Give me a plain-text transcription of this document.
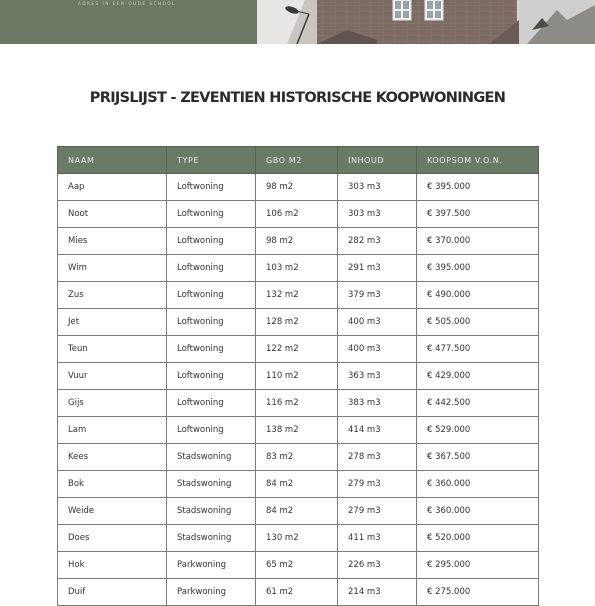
ADRES IN EEN OUDE SCHOOL
PRIJSLIJST - ZEVENTIEN HISTORISCHE KOOPWONINGEN
NAAM	TYPE	GBO M2	INHOUD	KOOPSOM V.O.N.
Aap	Loftwoning	98 m2	303 m3	€ 395.000
Noot	Loftwoning	106 m2	303 m3	€ 397.500
Mies	Loftwoning	98 m2	282 m3	€ 370.000
Wim	Loftwoning	103 m2	291 m3	€ 395.000
Zus	Loftwoning	132 m2	379 m3	€ 490.000
Jet	Loftwoning	128 m2	400 m3	€ 505.000
Teun	Loftwoning	122 m2	400 m3	€ 477.500
Vuur	Loftwoning	110 m2	363 m3	€ 429.000
Gijs	Loftwoning	116 m2	383 m3	€ 442.500
Lam	Loftwoning	138 m2	414 m3	€ 529.000
Kees	Stadswoning	83 m2	278 m3	€ 367.500
Bok	Stadswoning	84 m2	279 m3	€ 360.000
Weide	Stadswoning	84 m2	279 m3	€ 360.000
Does	Stadswoning	130 m2	411 m3	€ 520.000
Hok	Parkwoning	65 m2	226 m3	€ 295.000
Duif	Parkwoning	61 m2	214 m3	€ 275.000
